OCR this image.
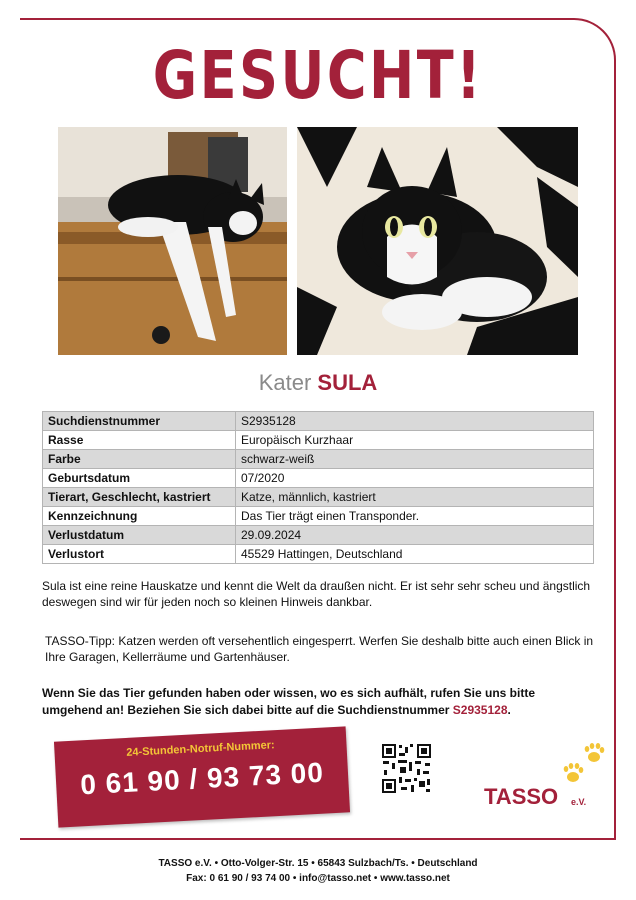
GESUCHT!
Kater SULA
Suchdienstnummer	S2935128
Rasse	Europäisch Kurzhaar
Farbe	schwarz-weiß
Geburtsdatum	07/2020
Tierart, Geschlecht, kastriert	Katze, männlich, kastriert
Kennzeichnung	Das Tier trägt einen Transponder.
Verlustdatum	29.09.2024
Verlustort	45529 Hattingen, Deutschland
Sula ist eine reine Hauskatze und kennt die Welt da draußen nicht. Er ist sehr sehr scheu und ängstlich deswegen sind wir für jeden noch so kleinen Hinweis dankbar.
TASSO-Tipp: Katzen werden oft versehentlich eingesperrt. Werfen Sie deshalb bitte auch einen Blick in Ihre Garagen, Kellerräume und Gartenhäuser.
Wenn Sie das Tier gefunden haben oder wissen, wo es sich aufhält, rufen Sie uns bitte umgehend an! Beziehen Sie sich dabei bitte auf die Suchdienstnummer S2935128.
24-Stunden-Notruf-Nummer:
0 61 90 / 93 73 00	TASSO e.V.
TASSO e.V. • Otto-Volger-Str. 15 • 65843 Sulzbach/Ts. • Deutschland
Fax: 0 61 90 / 93 74 00 • info@tasso.net • www.tasso.net
